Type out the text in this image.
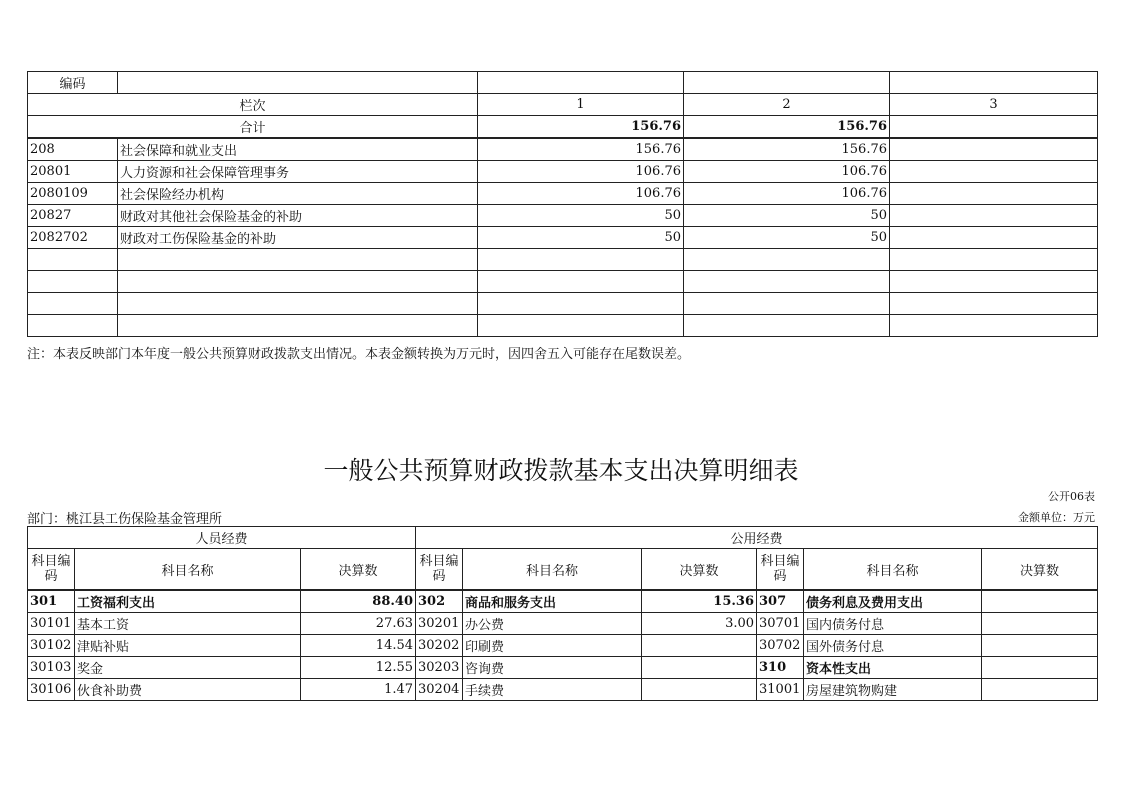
编码				
栏次		1	2	3
合计		156.76	156.76	
208	社会保障和就业支出	156.76	156.76	
20801	人力资源和社会保障管理事务	106.76	106.76	
2080109	社会保险经办机构	106.76	106.76	
20827	财政对其他社会保险基金的补助	50	50	
2082702	财政对工伤保险基金的补助	50	50	

注：本表反映部门本年度一般公共预算财政拨款支出情况。本表金额转换为万元时，因四舍五入可能存在尾数误差。
一般公共预算财政拨款基本支出决算明细表
公开06表
部门：桃江县工伤保险基金管理所	金额单位：万元
人员经费			公用经费					
科目编码	科目名称	决算数	科目编码	科目名称	决算数	科目编码	科目名称	决算数
301	工资福利支出	88.40	302	商品和服务支出	15.36	307	债务利息及费用支出	
30101	基本工资	27.63	30201	办公费	3.00	30701	国内债务付息	
30102	津贴补贴	14.54	30202	印刷费		30702	国外债务付息	
30103	奖金	12.55	30203	咨询费		310	资本性支出	
30106	伙食补助费	1.47	30204	手续费		31001	房屋建筑物购建	
